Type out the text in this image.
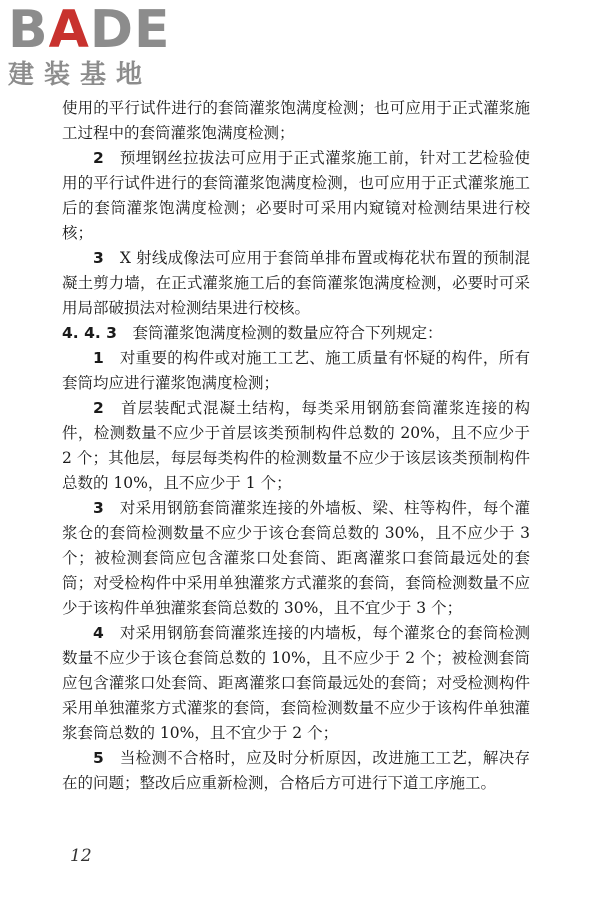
BADE
建装基地

使用的平行试件进行的套筒灌浆饱满度检测；也可应用于正式灌浆施工过程中的套筒灌浆饱满度检测；

2　 预埋钢丝拉拔法可应用于正式灌浆施工前，针对工艺检验使用的平行试件进行的套筒灌浆饱满度检测，也可应用于正式灌浆施工后的套筒灌浆饱满度检测；必要时可采用内窥镜对检测结果进行校核；

3　 X 射线成像法可应用于套筒单排布置或梅花状布置的预制混凝土剪力墙，在正式灌浆施工后的套筒灌浆饱满度检测，必要时可采用局部破损法对检测结果进行校核。

4. 4. 3　 套筒灌浆饱满度检测的数量应符合下列规定：

1　 对重要的构件或对施工工艺、施工质量有怀疑的构件，所有套筒均应进行灌浆饱满度检测；

2　 首层装配式混凝土结构，每类采用钢筋套筒灌浆连接的构件，检测数量不应少于首层该类预制构件总数的 20%，且不应少于 2 个；其他层，每层每类构件的检测数量不应少于该层该类预制构件总数的 10%，且不应少于 1 个；

3　 对采用钢筋套筒灌浆连接的外墙板、梁、柱等构件，每个灌浆仓的套筒检测数量不应少于该仓套筒总数的 30%，且不应少于 3 个；被检测套筒应包含灌浆口处套筒、距离灌浆口套筒最远处的套筒；对受检构件中采用单独灌浆方式灌浆的套筒，套筒检测数量不应少于该构件单独灌浆套筒总数的 30%，且不宜少于 3 个；

4　 对采用钢筋套筒灌浆连接的内墙板，每个灌浆仓的套筒检测数量不应少于该仓套筒总数的 10%，且不应少于 2 个；被检测套筒应包含灌浆口处套筒、距离灌浆口套筒最远处的套筒；对受检测构件采用单独灌浆方式灌浆的套筒，套筒检测数量不应少于该构件单独灌浆套筒总数的 10%，且不宜少于 2 个；

5　 当检测不合格时，应及时分析原因，改进施工工艺，解决存在的问题；整改后应重新检测，合格后方可进行下道工序施工。

12
